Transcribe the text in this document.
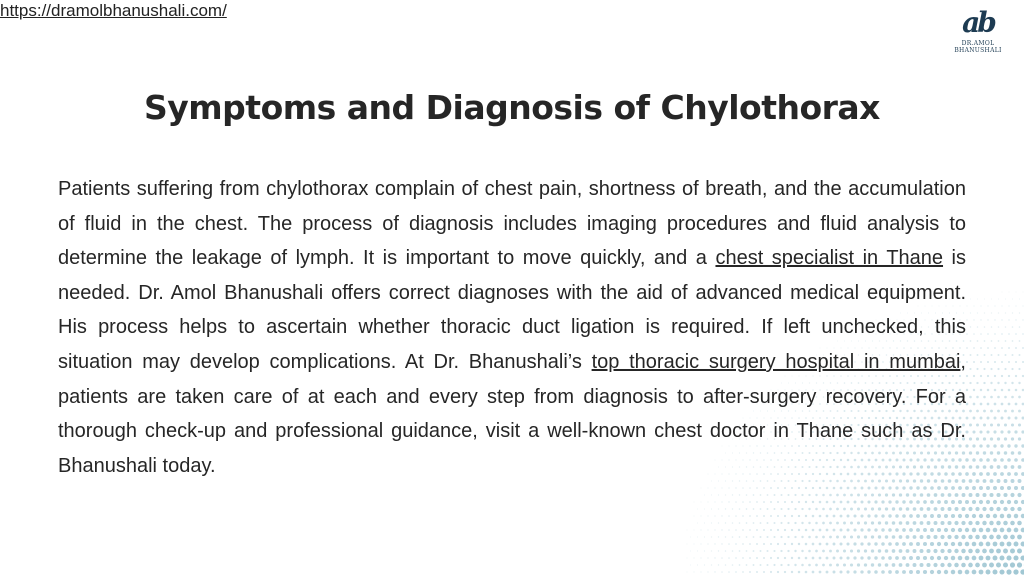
https://dramolbhanushali.com/	ab
DR.AMOL BHANUSHALI
Symptoms and Diagnosis of Chylothorax

Patients suffering from chylothorax complain of chest pain, shortness of breath, and the accumulation of fluid in the chest. The process of diagnosis includes imaging procedures and fluid analysis to determine the leakage of lymph. It is important to move quickly, and a chest specialist in Thane is needed. Dr. Amol Bhanushali offers correct diagnoses with the aid of advanced medical equipment. His process helps to ascertain whether thoracic duct ligation is required. If left unchecked, this situation may develop complications. At Dr. Bhanushali’s top thoracic surgery hospital in mumbai, patients are taken care of at each and every step from diagnosis to after-surgery recovery. For a thorough check-up and professional guidance, visit a well-known chest doctor in Thane such as Dr. Bhanushali today.
